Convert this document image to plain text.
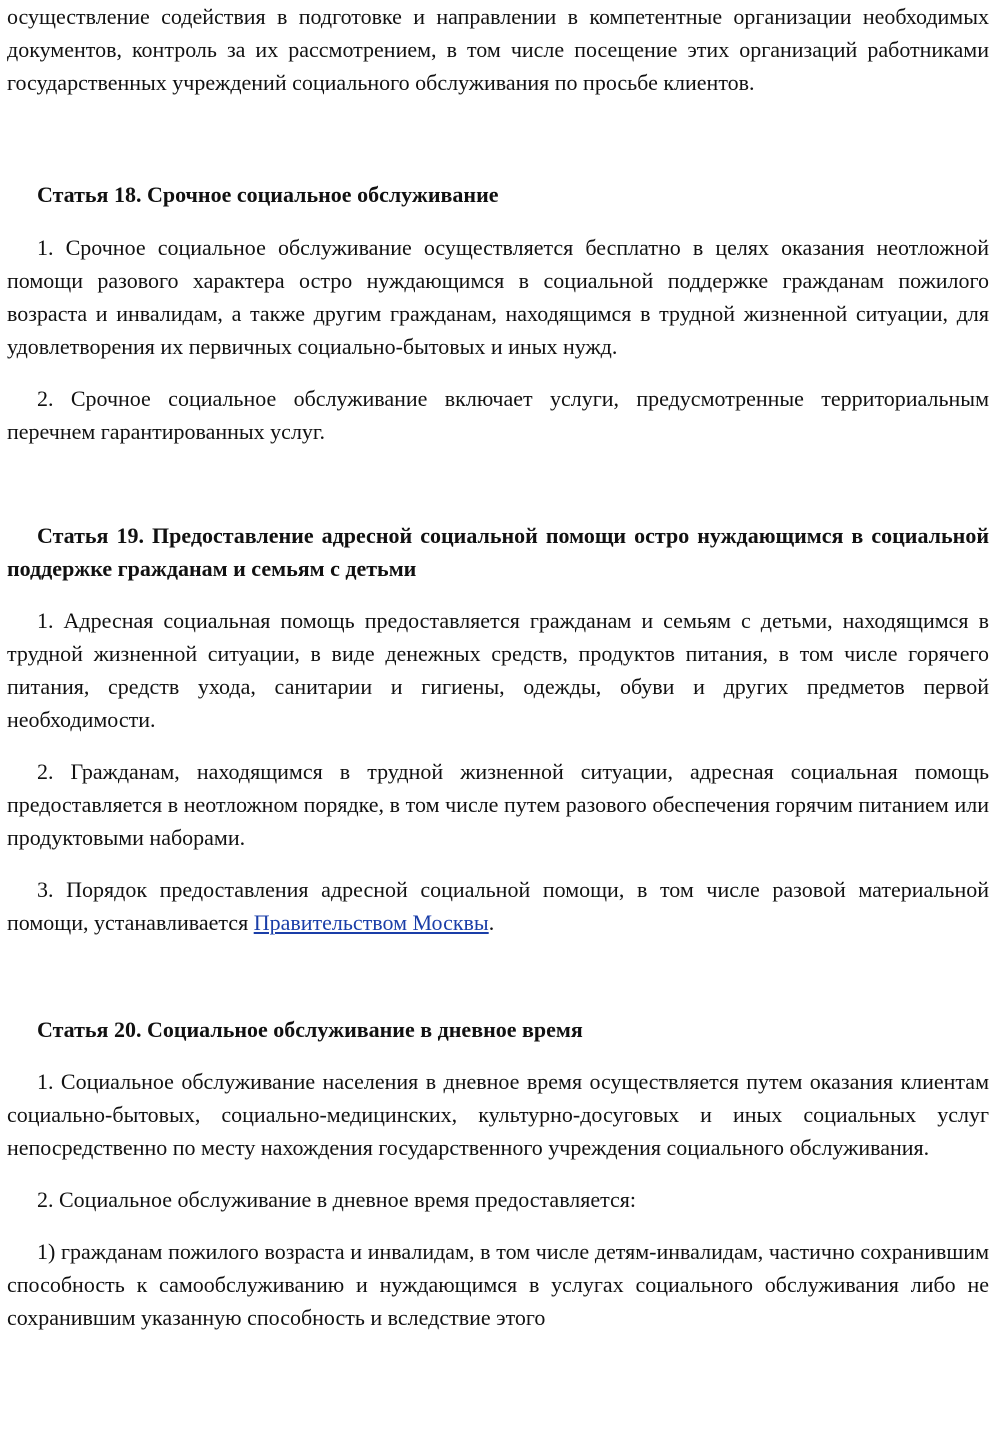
осуществление содействия в подготовке и направлении в компетентные организации необходимых документов, контроль за их рассмотрением, в том числе посещение этих организаций работниками государственных учреждений социального обслуживания по просьбе клиентов.

Статья 18. Срочное социальное обслуживание

1. Срочное социальное обслуживание осуществляется бесплатно в целях оказания неотложной помощи разового характера остро нуждающимся в социальной поддержке гражданам пожилого возраста и инвалидам, а также другим гражданам, находящимся в трудной жизненной ситуации, для удовлетворения их первичных социально-бытовых и иных нужд.

2. Срочное социальное обслуживание включает услуги, предусмотренные территориальным перечнем гарантированных услуг.

Статья 19. Предоставление адресной социальной помощи остро нуждающимся в социальной поддержке гражданам и семьям с детьми

1. Адресная социальная помощь предоставляется гражданам и семьям с детьми, находящимся в трудной жизненной ситуации, в виде денежных средств, продуктов питания, в том числе горячего питания, средств ухода, санитарии и гигиены, одежды, обуви и других предметов первой необходимости.

2. Гражданам, находящимся в трудной жизненной ситуации, адресная социальная помощь предоставляется в неотложном порядке, в том числе путем разового обеспечения горячим питанием или продуктовыми наборами.

3. Порядок предоставления адресной социальной помощи, в том числе разовой материальной помощи, устанавливается Правительством Москвы.

Статья 20. Социальное обслуживание в дневное время

1. Социальное обслуживание населения в дневное время осуществляется путем оказания клиентам социально-бытовых, социально-медицинских, культурно-досуговых и иных социальных услуг непосредственно по месту нахождения государственного учреждения социального обслуживания.

2. Социальное обслуживание в дневное время предоставляется:

1) гражданам пожилого возраста и инвалидам, в том числе детям-инвалидам, частично сохранившим способность к самообслуживанию и нуждающимся в услугах социального обслуживания либо не сохранившим указанную способность и вследствие этого
